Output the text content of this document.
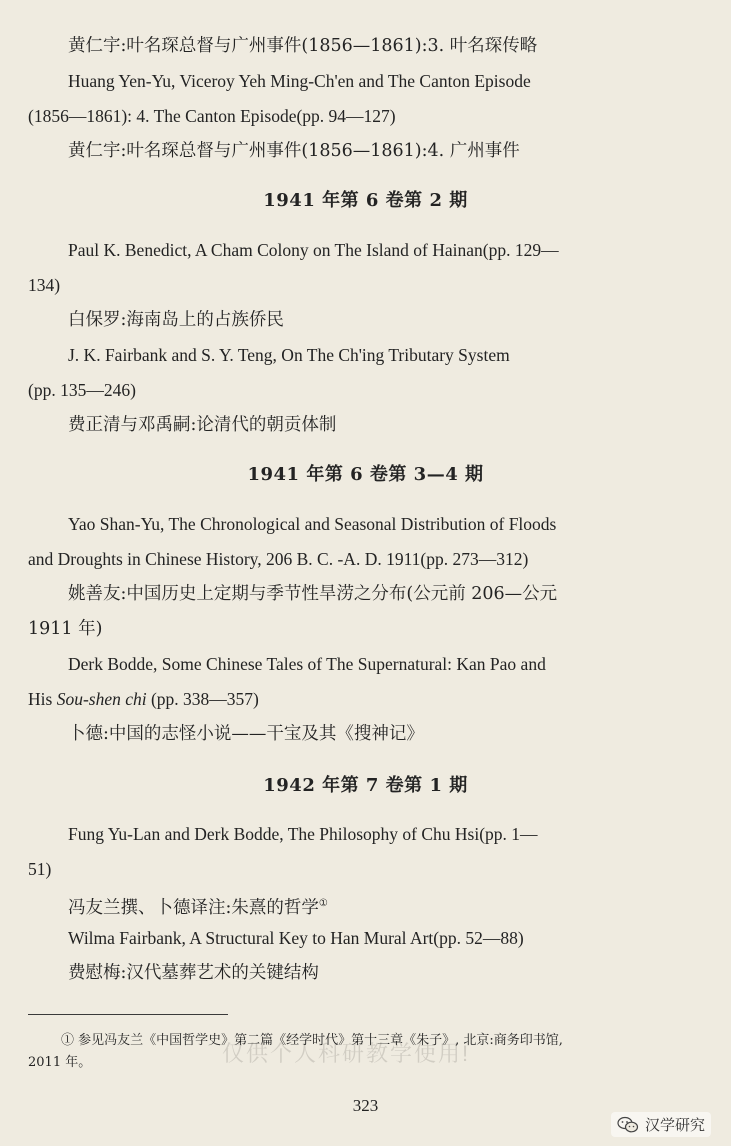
仅供个人科研教学使用!
黄仁宇:叶名琛总督与广州事件(1856—1861):3. 叶名琛传略
Huang Yen-Yu, Viceroy Yeh Ming-Ch'en and The Canton Episode
(1856—1861): 4. The Canton Episode(pp. 94—127)
黄仁宇:叶名琛总督与广州事件(1856—1861):4. 广州事件
1941 年第 6 卷第 2 期
Paul K. Benedict, A Cham Colony on The Island of Hainan(pp. 129—
134)
白保罗:海南岛上的占族侨民
J. K. Fairbank and S. Y. Teng, On The Ch'ing Tributary System
(pp. 135—246)
费正清与邓禹嗣:论清代的朝贡体制
1941 年第 6 卷第 3—4 期
Yao Shan-Yu, The Chronological and Seasonal Distribution of Floods
and Droughts in Chinese History, 206 B. C. -A. D. 1911(pp. 273—312)
姚善友:中国历史上定期与季节性旱涝之分布(公元前 206—公元
1911 年)
Derk Bodde, Some Chinese Tales of The Supernatural: Kan Pao and
His Sou-shen chi (pp. 338—357)
卜德:中国的志怪小说——干宝及其《搜神记》
1942 年第 7 卷第 1 期
Fung Yu-Lan and Derk Bodde, The Philosophy of Chu Hsi(pp. 1—
51)
冯友兰撰、卜德译注:朱熹的哲学①
Wilma Fairbank, A Structural Key to Han Mural Art(pp. 52—88)
费慰梅:汉代墓葬艺术的关键结构
① 参见冯友兰《中国哲学史》第二篇《经学时代》第十三章《朱子》, 北京:商务印书馆,
2011 年。
323
汉学研究
